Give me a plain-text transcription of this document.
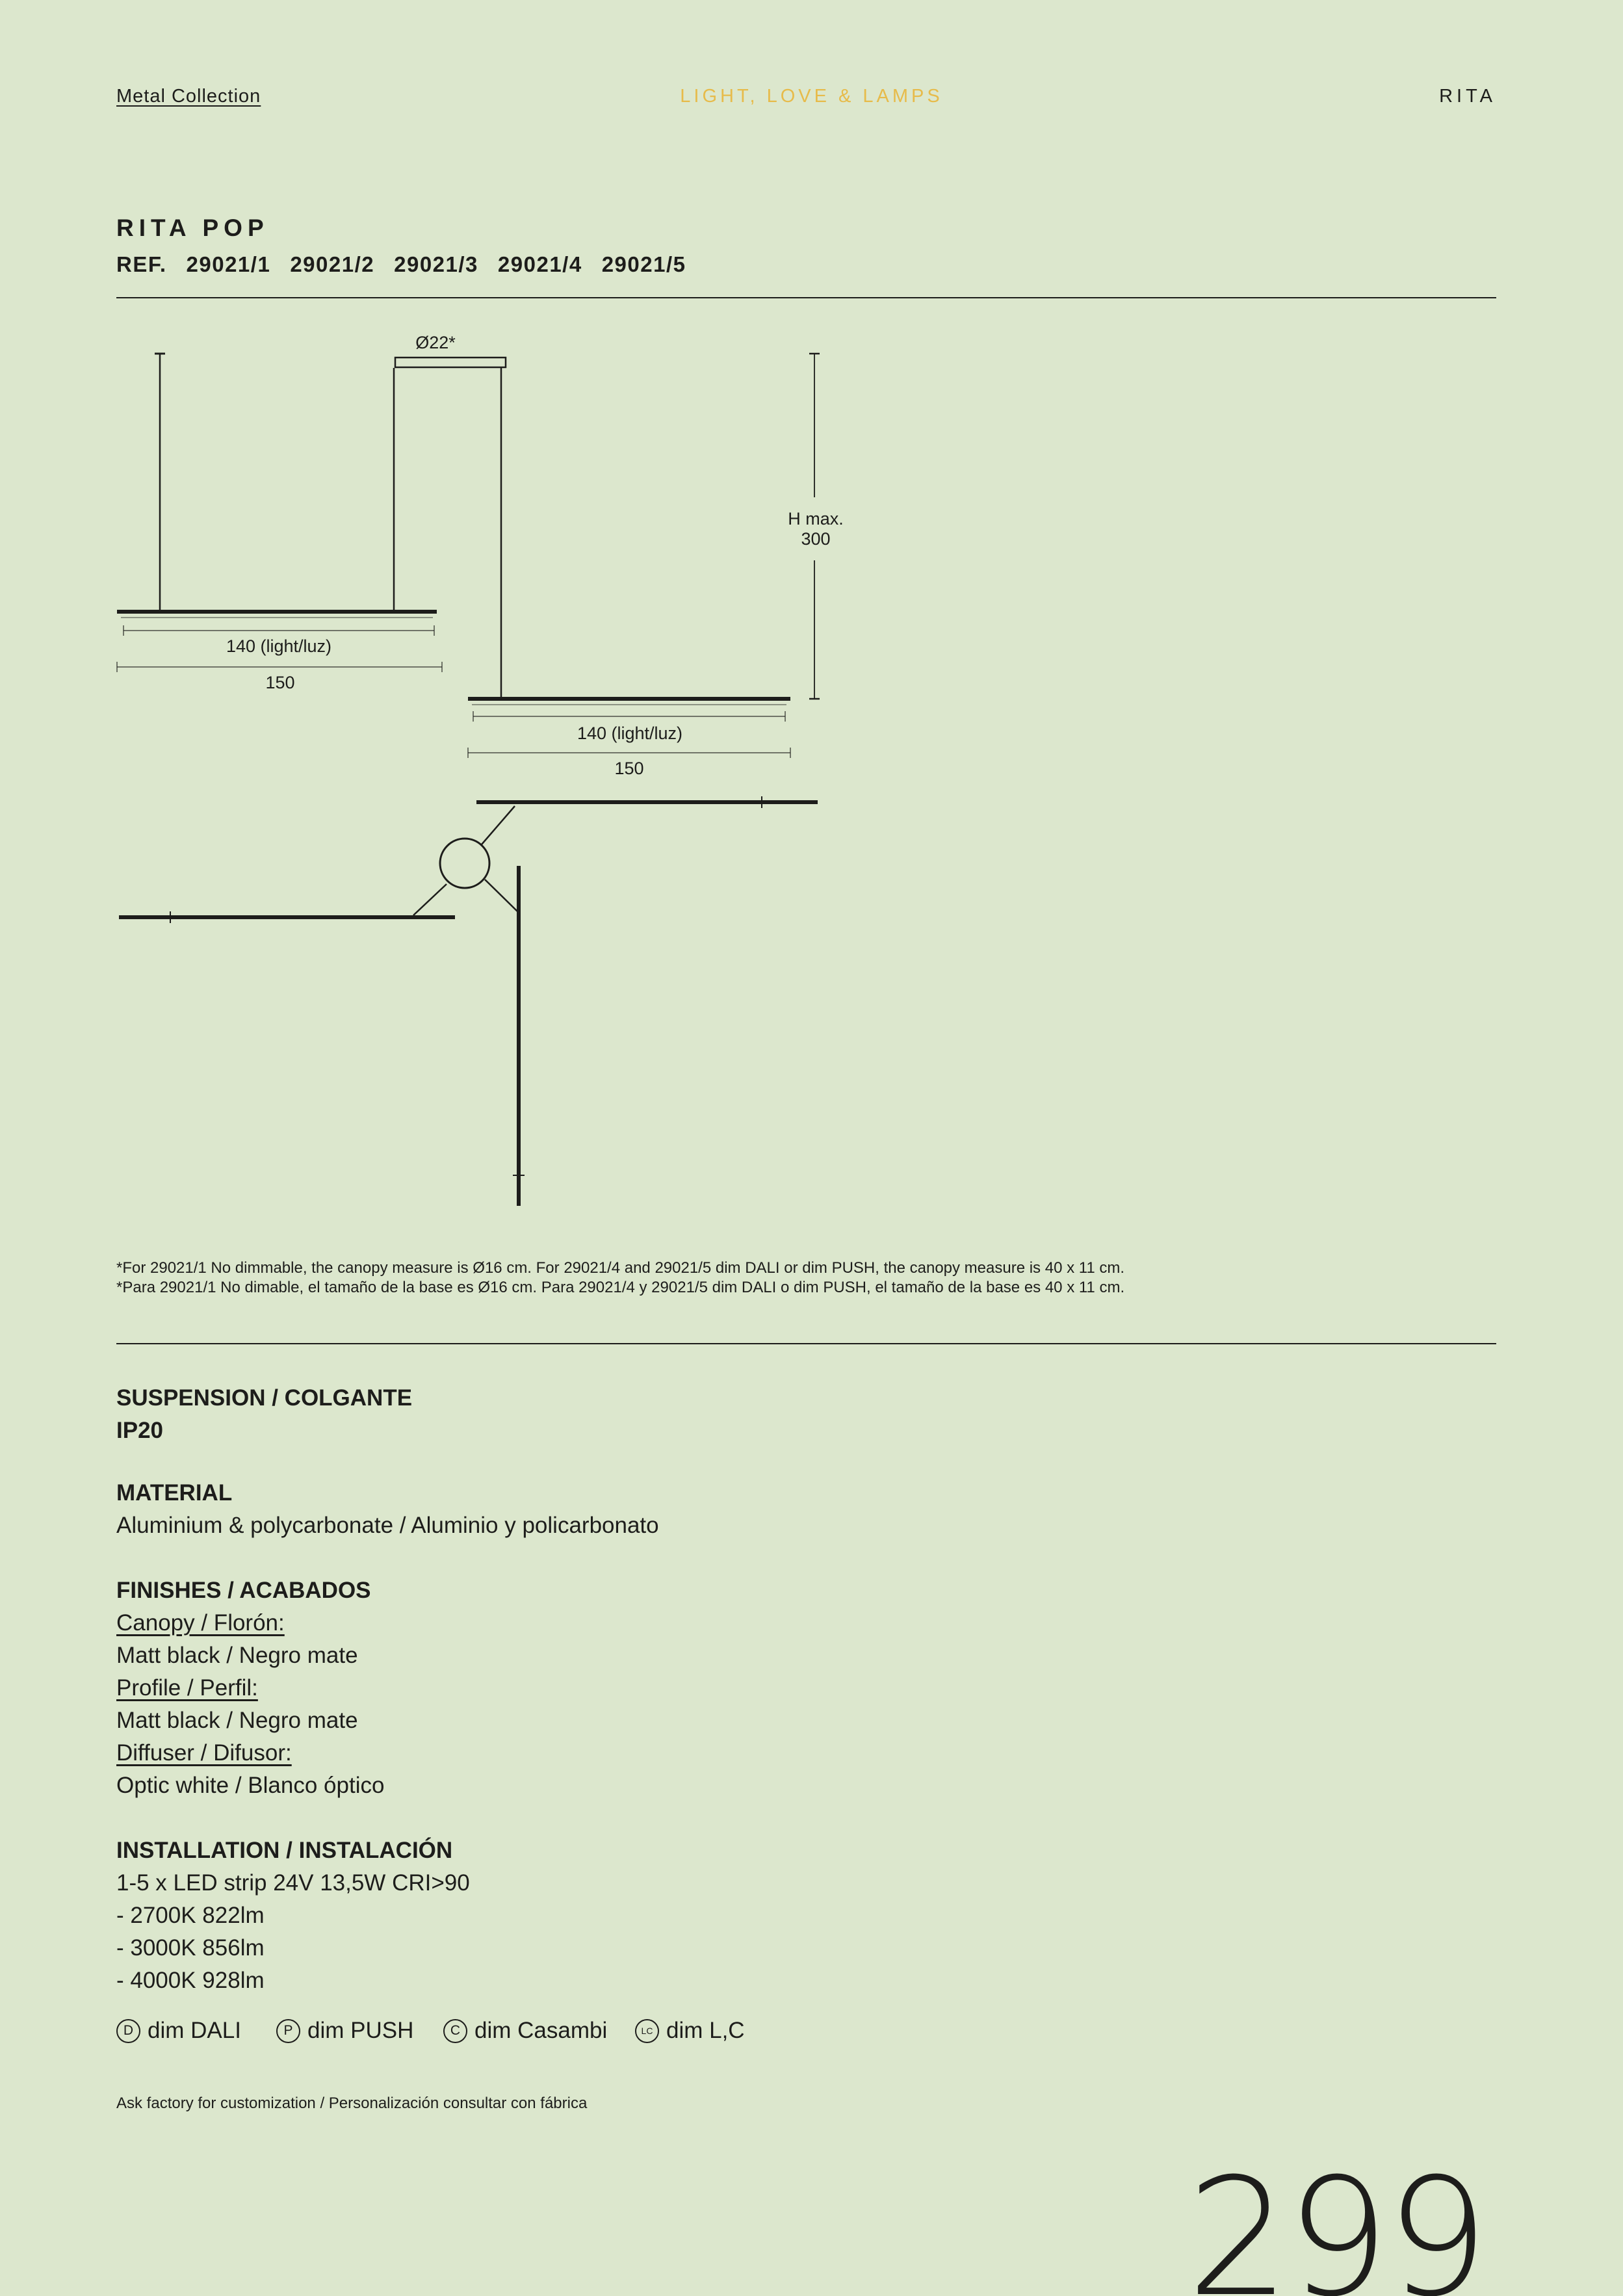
Metal Collection	LIGHT, LOVE & LAMPS	RITA
RITA POP
REF. 29021/1 29021/2 29021/3 29021/4 29021/5
Ø22*
H max.
300
140 (light/luz)
150
140 (light/luz)
150
*For 29021/1 No dimmable, the canopy measure is Ø16 cm. For 29021/4 and 29021/5 dim DALI or dim PUSH, the canopy measure is 40 x 11 cm.
*Para 29021/1 No dimable, el tamaño de la base es Ø16 cm. Para 29021/4 y 29021/5 dim DALI o dim PUSH, el tamaño de la base es 40 x 11 cm.
SUSPENSION / COLGANTE
IP20
MATERIAL
Aluminium & polycarbonate / Aluminio y policarbonato
FINISHES / ACABADOS
Canopy / Florón:
Matt black / Negro mate
Profile / Perfil:
Matt black / Negro mate
Diffuser / Difusor:
Optic white / Blanco óptico
INSTALLATION / INSTALACIÓN
1-5 x LED strip 24V 13,5W CRI>90
- 2700K 822lm
- 3000K 856lm
- 4000K 928lm
D dim DALI	P dim PUSH	C dim Casambi	LC dim L,C
Ask factory for customization / Personalización consultar con fábrica
299
